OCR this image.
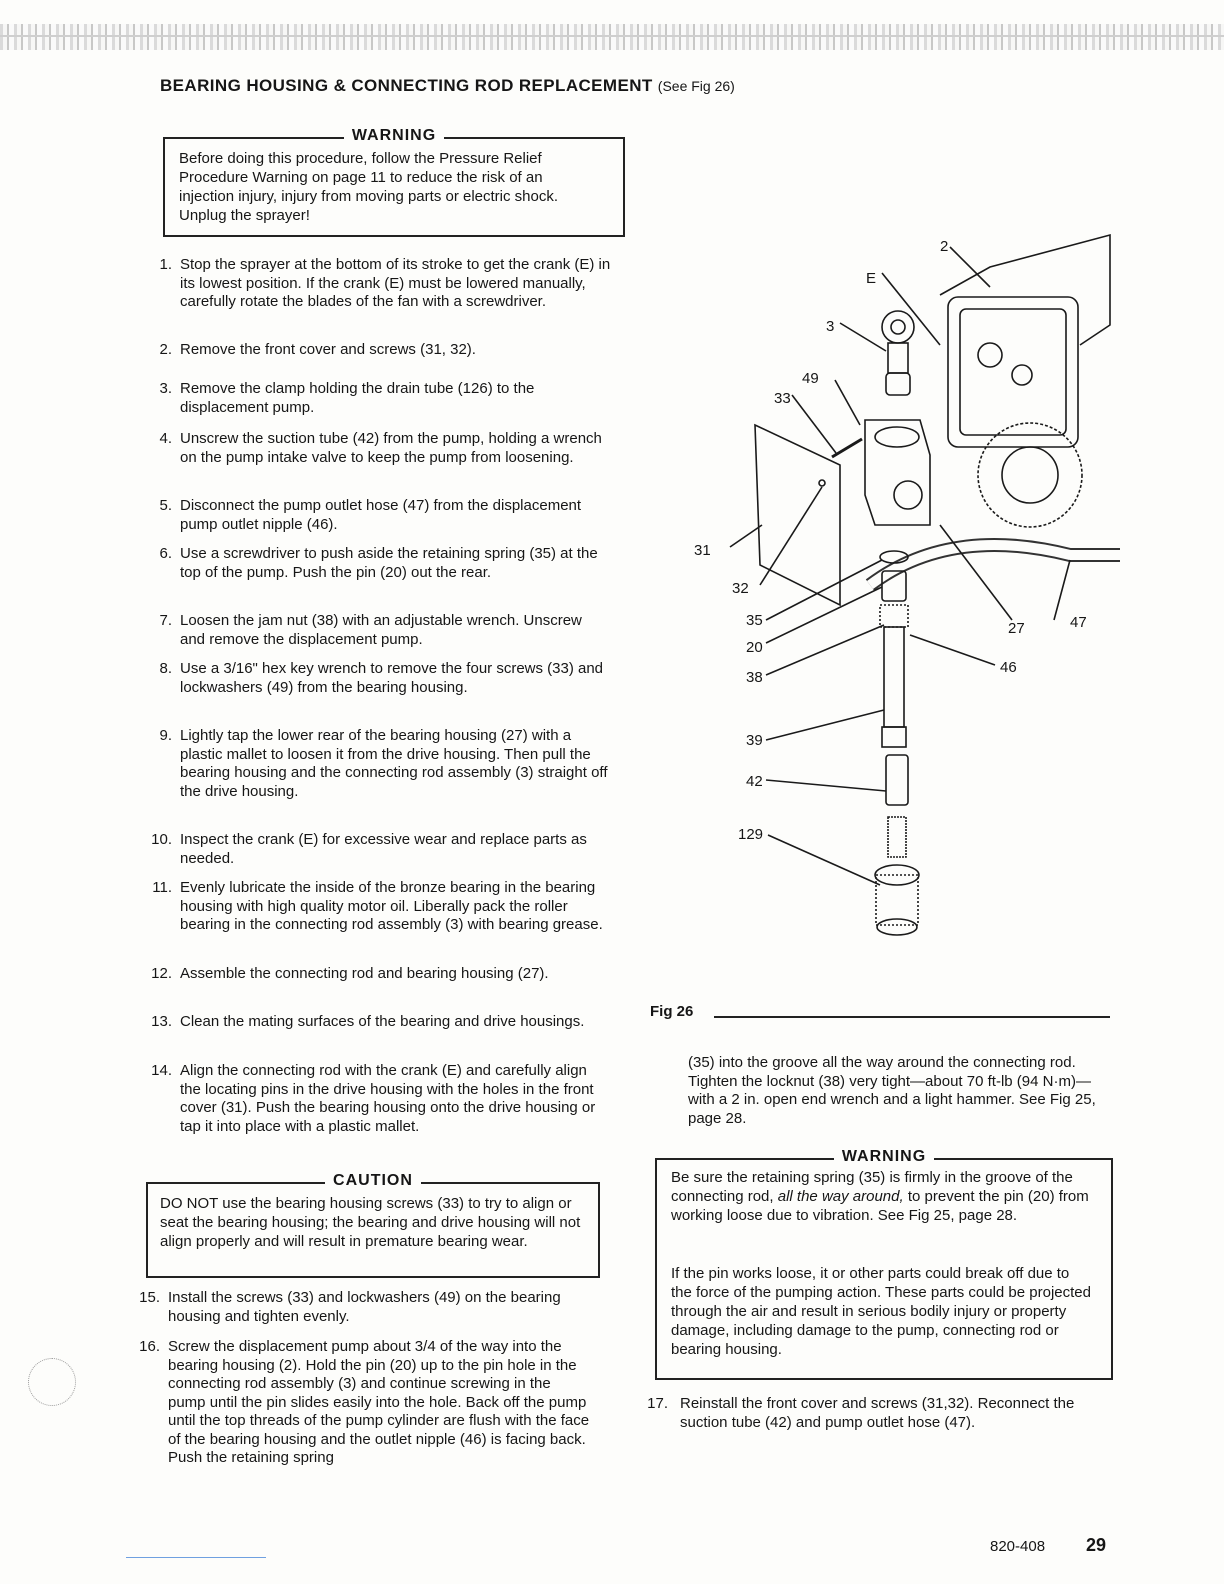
BEARING HOUSING & CONNECTING ROD REPLACEMENT (See Fig 26)
WARNING
Before doing this procedure, follow the Pressure Relief Procedure Warning on page 11 to reduce the risk of an injection injury, injury from moving parts or electric shock. Unplug the sprayer!
1. Stop the sprayer at the bottom of its stroke to get the crank (E) in its lowest position. If the crank (E) must be lowered manually, carefully rotate the blades of the fan with a screwdriver.
2. Remove the front cover and screws (31, 32).
3. Remove the clamp holding the drain tube (126) to the displacement pump.
4. Unscrew the suction tube (42) from the pump, holding a wrench on the pump intake valve to keep the pump from loosening.
5. Disconnect the pump outlet hose (47) from the displacement pump outlet nipple (46).
6. Use a screwdriver to push aside the retaining spring (35) at the top of the pump. Push the pin (20) out the rear.
7. Loosen the jam nut (38) with an adjustable wrench. Unscrew and remove the displacement pump.
8. Use a 3/16" hex key wrench to remove the four screws (33) and lockwashers (49) from the bearing housing.
9. Lightly tap the lower rear of the bearing housing (27) with a plastic mallet to loosen it from the drive housing. Then pull the bearing housing and the connecting rod assembly (3) straight off the drive housing.
10. Inspect the crank (E) for excessive wear and replace parts as needed.
11. Evenly lubricate the inside of the bronze bearing in the bearing housing with high quality motor oil. Liberally pack the roller bearing in the connecting rod assembly (3) with bearing grease.
12. Assemble the connecting rod and bearing housing (27).
13. Clean the mating surfaces of the bearing and drive housings.
14. Align the connecting rod with the crank (E) and carefully align the locating pins in the drive housing with the holes in the front cover (31). Push the bearing housing onto the drive housing or tap it into place with a plastic mallet.
CAUTION
DO NOT use the bearing housing screws (33) to try to align or seat the bearing housing; the bearing and drive housing will not align properly and will result in premature bearing wear.
15. Install the screws (33) and lockwashers (49) on the bearing housing and tighten evenly.
16. Screw the displacement pump about 3/4 of the way into the bearing housing (2). Hold the pin (20) up to the pin hole in the connecting rod assembly (3) and continue screwing in the pump until the pin slides easily into the hole. Back off the pump until the top threads of the pump cylinder are flush with the face of the bearing housing and the outlet nipple (46) is facing back. Push the retaining spring
2
E
3
49
33
31
32
35
20
38
39
42
129
27	47
46
Fig 26
(35) into the groove all the way around the connecting rod. Tighten the locknut (38) very tight—about 70 ft-lb (94 N·m)—with a 2 in. open end wrench and a light hammer. See Fig 25, page 28.
WARNING
Be sure the retaining spring (35) is firmly in the groove of the connecting rod, all the way around, to prevent the pin (20) from working loose due to vibration. See Fig 25, page 28.
If the pin works loose, it or other parts could break off due to the force of the pumping action. These parts could be projected through the air and result in serious bodily injury or property damage, including damage to the pump, connecting rod or bearing housing.
17. Reinstall the front cover and screws (31,32). Reconnect the suction tube (42) and pump outlet hose (47).
820-408 29
